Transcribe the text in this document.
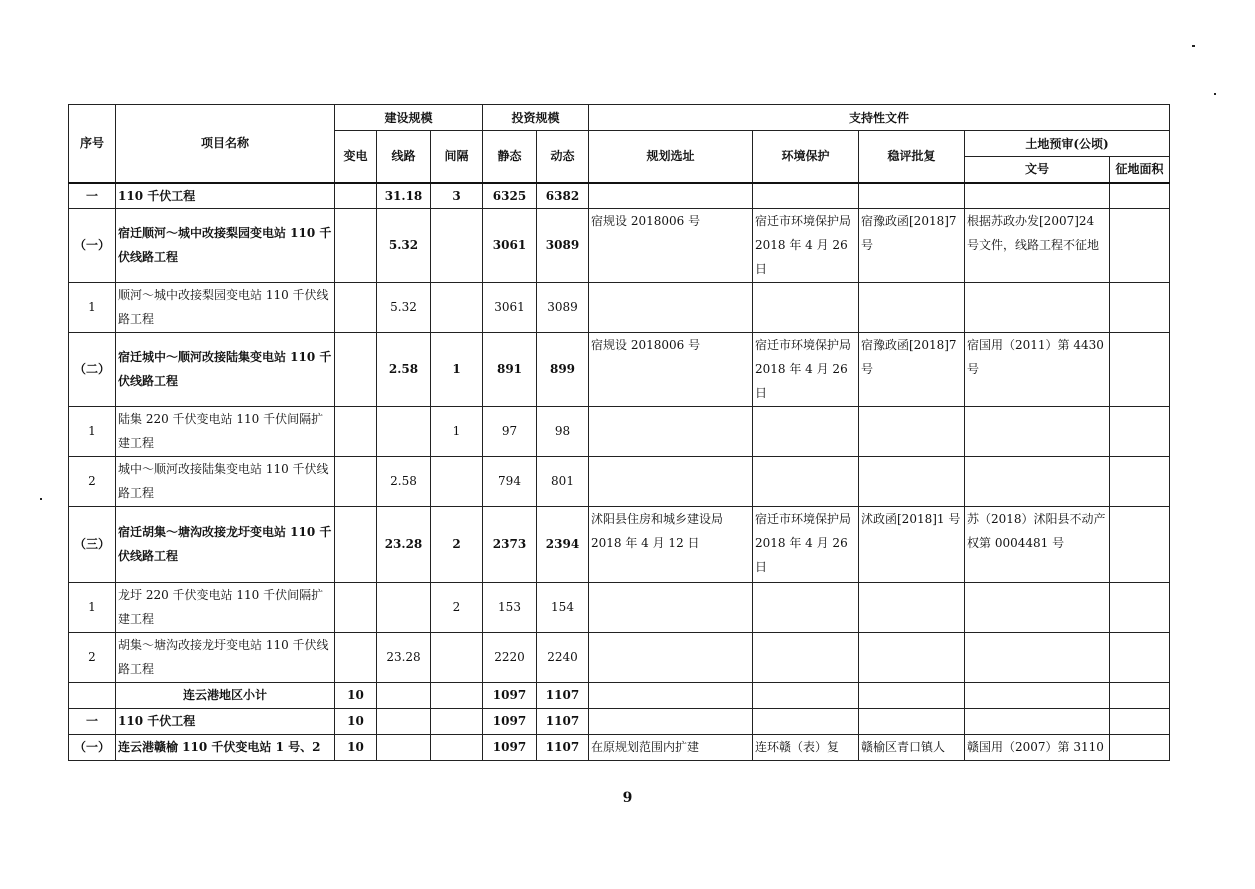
序号	项目名称	建设规模			投资规模		支持性文件				
		变电	线路	间隔	静态	动态	规划选址	环境保护	稳评批复	土地预审(公顷)	
										文号	征地面积
一	110 千伏工程		31.18	3	6325	6382					
（一）	宿迁顺河～城中改接梨园变电站 110 千伏线路工程		5.32		3061	3089	宿规设 2018006 号	宿迁市环境保护局 2018 年 4 月 26 日	宿豫政函[2018]7 号	根据苏政办发[2007]24 号文件，线路工程不征地	
1	顺河～城中改接梨园变电站 110 千伏线路工程		5.32		3061	3089					
（二）	宿迁城中～顺河改接陆集变电站 110 千伏线路工程		2.58	1	891	899	宿规设 2018006 号	宿迁市环境保护局 2018 年 4 月 26 日	宿豫政函[2018]7 号	宿国用（2011）第 4430 号	
1	陆集 220 千伏变电站 110 千伏间隔扩建工程			1	97	98					
2	城中～顺河改接陆集变电站 110 千伏线路工程		2.58		794	801					
（三）	宿迁胡集～塘沟改接龙圩变电站 110 千伏线路工程		23.28	2	2373	2394	沭阳县住房和城乡建设局 2018 年 4 月 12 日	宿迁市环境保护局 2018 年 4 月 26 日	沭政函[2018]1 号	苏（2018）沭阳县不动产权第 0004481 号	
1	龙圩 220 千伏变电站 110 千伏间隔扩建工程			2	153	154					
2	胡集～塘沟改接龙圩变电站 110 千伏线路工程		23.28		2220	2240					
	连云港地区小计	10			1097	1107					
一	110 千伏工程	10			1097	1107					
（一）	连云港赣榆 110 千伏变电站 1 号、2	10			1097	1107	在原规划范围内扩建	连环赣（表）复	赣榆区青口镇人	赣国用（2007）第 3110	
9
